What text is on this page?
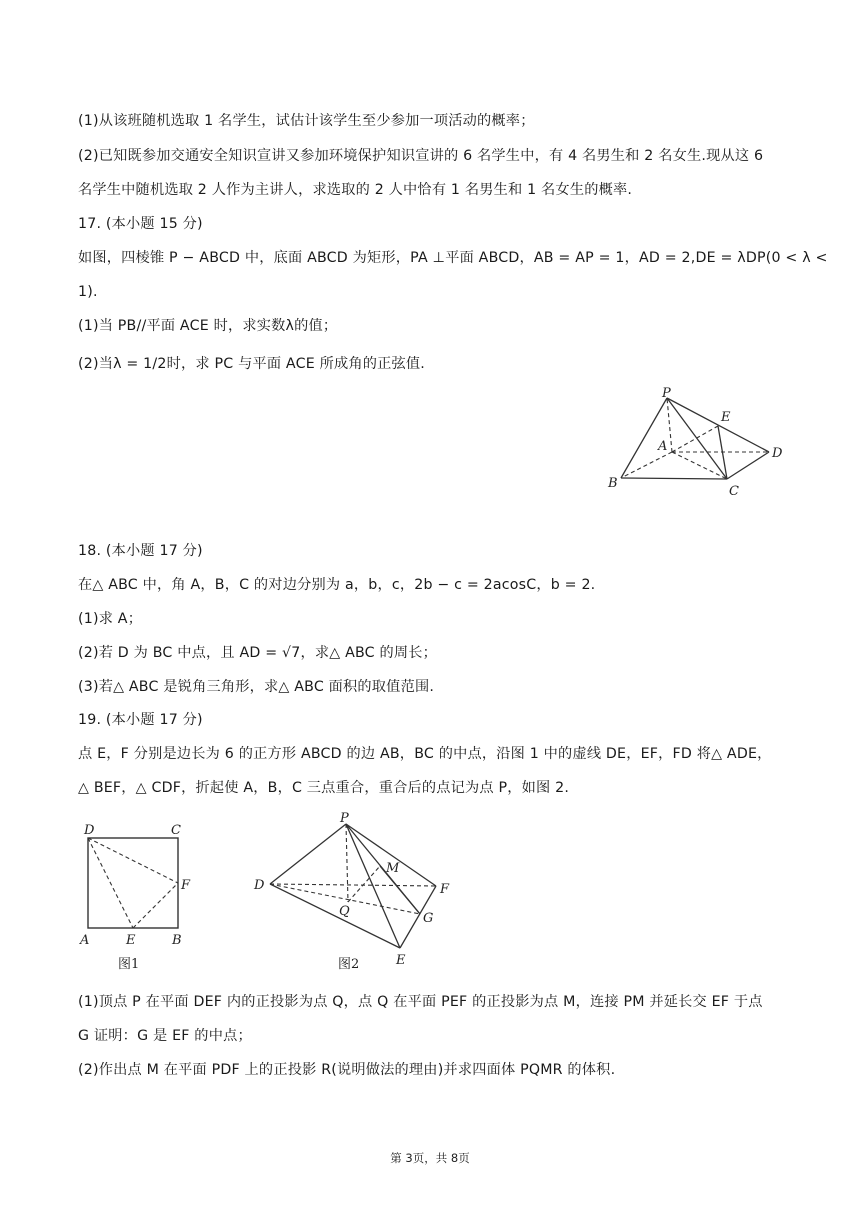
(1)从该班随机选取 1 名学生，试估计该学生至少参加一项活动的概率；
(2)已知既参加交通安全知识宣讲又参加环境保护知识宣讲的 6 名学生中，有 4 名男生和 2 名女生.现从这 6
名学生中随机选取 2 人作为主讲人，求选取的 2 人中恰有 1 名男生和 1 名女生的概率.
17. (本小题 15 分)
如图，四棱锥 P − ABCD 中，底面 ABCD 为矩形，PA ⊥平面 ABCD，AB = AP = 1，AD = 2,DE = λDP(0 < λ <
1).
(1)当 PB//平面 ACE 时，求实数λ的值；
(2)当λ = 1/2时，求 PC 与平面 ACE 所成角的正弦值.
P
E
A	D
B
C
18. (本小题 17 分)
在△ ABC 中，角 A，B，C 的对边分别为 a，b，c，2b − c = 2acosC，b = 2.
(1)求 A；
(2)若 D 为 BC 中点，且 AD = √7，求△ ABC 的周长；
(3)若△ ABC 是锐角三角形，求△ ABC 面积的取值范围.
19. (本小题 17 分)
点 E，F 分别是边长为 6 的正方形 ABCD 的边 AB，BC 的中点，沿图 1 中的虚线 DE，EF，FD 将△ ADE，
△ BEF，△ CDF，折起使 A，B，C 三点重合，重合后的点记为点 P，如图 2.
D	C
F
A	E	B
图1
P
M
D	F
Q	G
E
图2
(1)顶点 P 在平面 DEF 内的正投影为点 Q，点 Q 在平面 PEF 的正投影为点 M，连接 PM 并延长交 EF 于点
G 证明：G 是 EF 的中点；
(2)作出点 M 在平面 PDF 上的正投影 R(说明做法的理由)并求四面体 PQMR 的体积.
第 3页，共 8页
